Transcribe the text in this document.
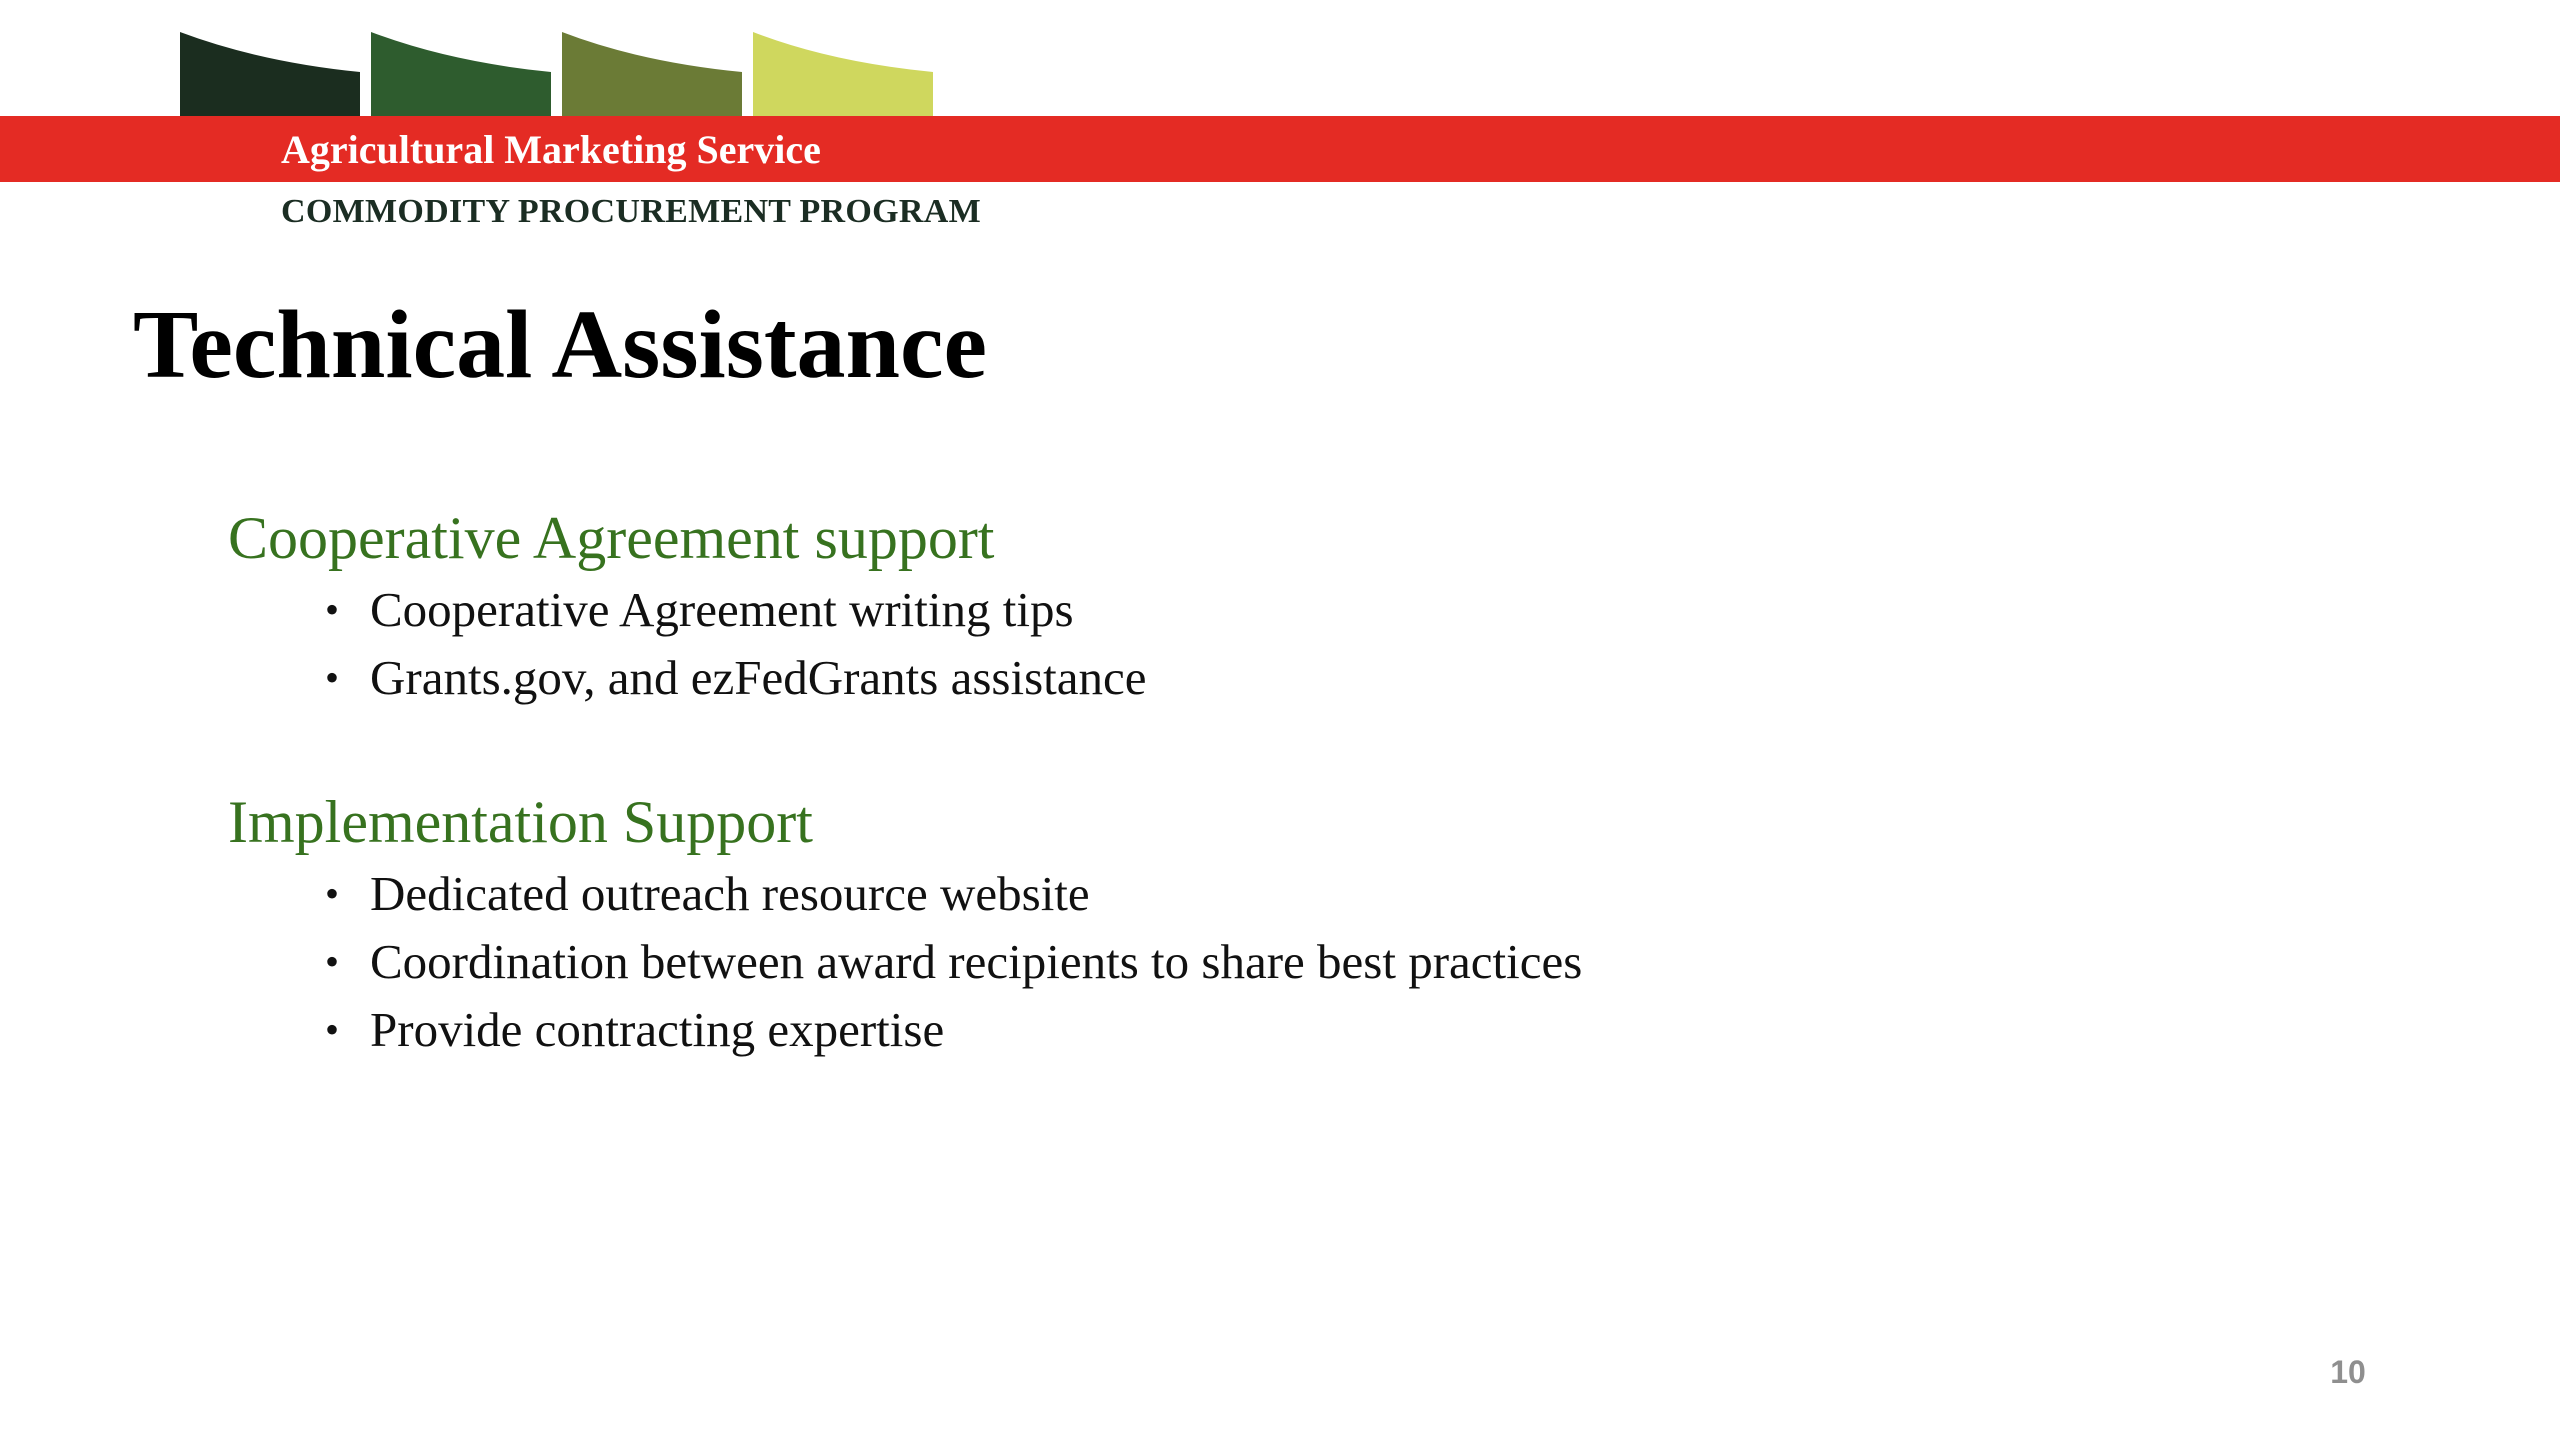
Agricultural Marketing Service
COMMODITY PROCUREMENT PROGRAM
Technical Assistance
Cooperative Agreement support
• Cooperative Agreement writing tips
• Grants.gov, and ezFedGrants assistance
Implementation Support
• Dedicated outreach resource website
• Coordination between award recipients to share best practices
• Provide contracting expertise
10
